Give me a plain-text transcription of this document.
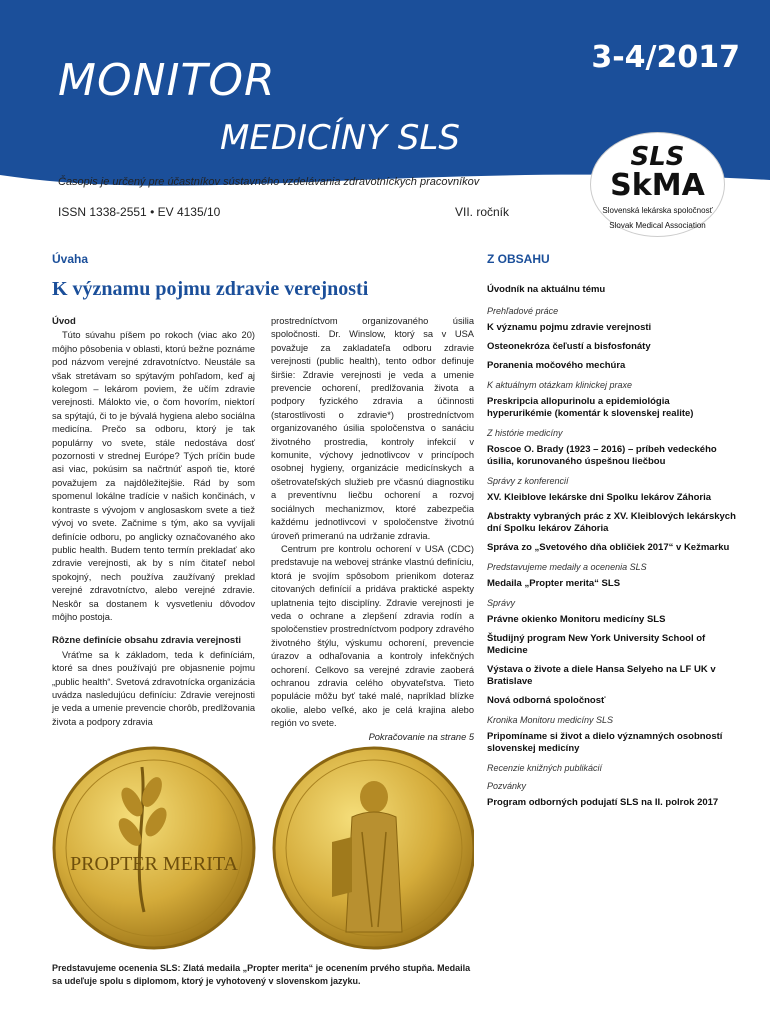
3-4/2017
MONITOR
MEDICÍNY SLS
Časopis je určený pre účastníkov sústavného vzdelávania zdravotníckych pracovníkov
ISSN 1338-2551 • EV 4135/10	VII. ročník
SLS
SkMA
Slovenská lekárska spoločnosť
Slovak Medical Association
Úvaha
K významu pojmu zdravie verejnosti
Úvod

Túto súvahu píšem po rokoch (viac ako 20) môjho pôsobenia v oblasti, ktorú bežne poznáme pod názvom verejné zdravotníctvo. Neustále sa však stretávam so spýtavým pohľadom, keď aj kolegom – lekárom poviem, že učím zdravie verejnosti. Málokto vie, o čom hovorím, niektorí sa spýtajú, či to je bývalá hygiena alebo sociálna medicína. Prečo sa odboru, ktorý je tak populárny vo svete, stále nedostáva dosť pozornosti v strednej Európe? Tých príčin bude asi viac, pokúsim sa načrtnúť aspoň tie, ktoré považujem za najdôležitejšie. Rád by som spomenul lokálne tradície v našich končinách, v kontraste s vývojom v anglosaskom svete a tiež vývoj vo svete. Začnime s tým, ako sa vyvíjali definície odboru, po anglicky označovaného ako public health. Budem tento termín prekladať ako zdravie verejnosti, ak by s ním čitateľ nebol spokojný, nech používa zaužívaný preklad verejné zdravotníctvo, alebo verejné zdravie. Neskôr sa dostanem k vysvetleniu dôvodov môjho postoja.

Rôzne definície obsahu zdravia verejnosti

Vráťme sa k základom, teda k definíciám, ktoré sa dnes používajú pre objasnenie pojmu „public health“. Svetová zdravotnícka organizácia uvádza nasledujúcu definíciu: Zdravie verejnosti je veda a umenie prevencie chorôb, predlžovania života a podpory zdravia

prostredníctvom organizovaného úsilia spoločnosti. Dr. Winslow, ktorý sa v USA považuje za zakladateľa odboru zdravie verejnosti (public health), tento odbor definuje širšie: Zdravie verejnosti je veda a umenie prevencie ochorení, predlžovania života a podpory fyzického zdravia a účinnosti (starostlivosti o zdravie*) prostredníctvom organizovaného úsilia spoločenstva o sanáciu životného prostredia, kontroly infekcií v komunite, výchovy jednotlivcov v princípoch osobnej hygieny, organizácie medicínskych a ošetrovateľských služieb pre včasnú diagnostiku a preventívnu liečbu ochorení a rozvoj sociálnych mechanizmov, ktoré zabezpečia každému jednotlivcovi v spoločenstve životnú úroveň primeranú na udržanie zdravia.

Centrum pre kontrolu ochorení v USA (CDC) predstavuje na webovej stránke vlastnú definíciu, ktorá je svojím spôsobom prienikom doteraz citovaných definícií a pridáva praktické aspekty uplatnenia tejto disciplíny. Zdravie verejnosti je veda o ochrane a zlepšení zdravia rodín a spoločenstiev prostredníctvom podpory zdravého životného štýlu, výskumu ochorení, prevencie úrazov a odhaľovania a kontroly infekčných ochorení. Celkovo sa verejné zdravie zaoberá ochranou zdravia celého obyvateľstva. Tieto populácie môžu byť také malé, napríklad blízke okolie, alebo veľké, ako je celá krajina alebo región vo svete.

Pokračovanie na strane 5
PROPTER MERITA
Predstavujeme ocenenia SLS: Zlatá medaila „Propter merita“ je ocenením prvého stupňa. Medaila sa udeľuje spolu s diplomom, ktorý je vyhotovený v slovenskom jazyku.
Z OBSAHU
Úvodník na aktuálnu tému
Prehľadové práce
K významu pojmu zdravie verejnosti
Osteonekróza čeľustí a bisfosfonáty
Poranenia močového mechúra
K aktuálnym otázkam klinickej praxe
Preskripcia allopurinolu a epidemiológia hyperurikémie (komentár k slovenskej realite)
Z histórie medicíny
Roscoe O. Brady (1923 – 2016) – príbeh vedeckého úsilia, korunovaného úspešnou liečbou
Správy z konferencií
XV. Kleiblove lekárske dni Spolku lekárov Záhoria
Abstrakty vybraných prác z XV. Kleiblových lekárskych dní Spolku lekárov Záhoria
Správa zo „Svetového dňa obličiek 2017“ v Kežmarku
Predstavujeme medaily a ocenenia SLS
Medaila „Propter merita“ SLS
Správy
Právne okienko Monitoru medicíny SLS
Študijný program New York University School of Medicine
Výstava o živote a diele Hansa Selyeho na LF UK v Bratislave
Nová odborná spoločnosť
Kronika Monitoru medicíny SLS
Pripomíname si život a dielo významných osobností slovenskej medicíny
Recenzie knižných publikácií
Pozvánky
Program odborných podujatí SLS na II. polrok 2017
